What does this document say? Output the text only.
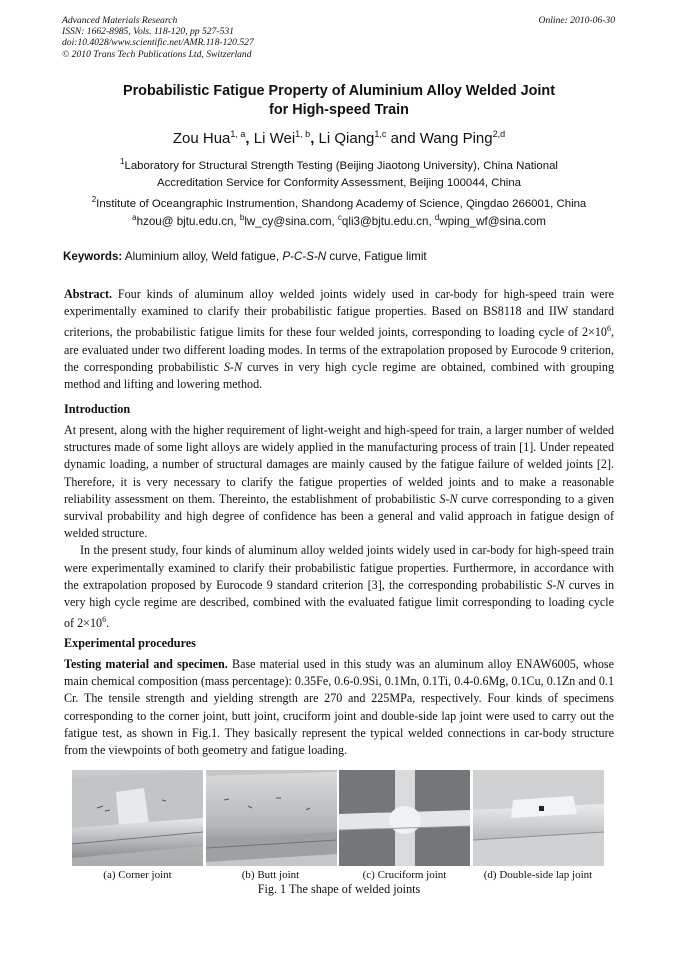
Advanced Materials Research
ISSN: 1662-8985, Vols. 118-120, pp 527-531
doi:10.4028/www.scientific.net/AMR.118-120.527
© 2010 Trans Tech Publications Ltd, Switzerland
Online: 2010-06-30
Probabilistic Fatigue Property of Aluminium Alloy Welded Joint
for High-speed Train
Zou Hua$^{1, a}$, Li Wei$^{1, b}$, Li Qiang$^{1,c}$ and Wang Ping$^{2,d}$
$^1$Laboratory for Structural Strength Testing (Beijing Jiaotong University), China National
Accreditation Service for Conformity Assessment, Beijing 100044, China
$^2$Institute of Oceangraphic Instrumention, Shandong Academy of Science, Qingdao 266001, China
$^a$hzou@ bjtu.edu.cn, $^b$lw_cy@sina.com, $^c$qli3@bjtu.edu.cn, $^d$wping_wf@sina.com
Keywords: Aluminium alloy, Weld fatigue, P-C-S-N curve, Fatigue limit
Abstract. Four kinds of aluminum alloy welded joints widely used in car-body for high-speed train were experimentally examined to clarify their probabilistic fatigue properties. Based on BS8118 and IIW standard criterions, the probabilistic fatigue limits for these four welded joints, corresponding to loading cycle of $2\times 10^6$, are evaluated under two different loading modes. In terms of the extrapolation proposed by Eurocode 9 criterion, the corresponding probabilistic S-N curves in very high cycle regime are obtained, combined with grouping method and lifting and lowering method.
Introduction
At present, along with the higher requirement of light-weight and high-speed for train, a larger number of welded structures made of some light alloys are widely applied in the manufacturing process of train [1]. Under repeated dynamic loading, a number of structural damages are mainly caused by the fatigue failure of welded joints [2]. Therefore, it is very necessary to clarify the fatigue properties of welded joints and to make a reasonable reliability assessment on them. Thereinto, the establishment of probabilistic S-N curve corresponding to a given survival probability and high degree of confidence has been a general and valid approach in fatigue design of welded structure.
In the present study, four kinds of aluminum alloy welded joints widely used in car-body for high-speed train were experimentally examined to clarify their probabilistic fatigue properties. Furthermore, in accordance with the extrapolation proposed by Eurocode 9 standard criterion [3], the corresponding probabilistic S-N curves in very high cycle regime are described, combined with the evaluated fatigue limit corresponding to loading cycle of $2\times 10^6$.
Experimental procedures
Testing material and specimen. Base material used in this study was an aluminum alloy ENAW6005, whose main chemical composition (mass percentage): 0.35Fe, 0.6-0.9Si, 0.1Mn, 0.1Ti, 0.4-0.6Mg, 0.1Cu, 0.1Zn and 0.1 Cr. The tensile strength and yielding strength are 270 and 225MPa, respectively. Four kinds of specimens corresponding to the corner joint, butt joint, cruciform joint and double-side lap joint were used to carry out the fatigue test, as shown in Fig.1. They basically represent the typical welded connections in car-body structure from the viewpoints of both geometry and fatigue loading.
(a) Corner joint	(b) Butt joint	(c) Cruciform joint	(d) Double-side lap joint
Fig. 1 The shape of welded joints
